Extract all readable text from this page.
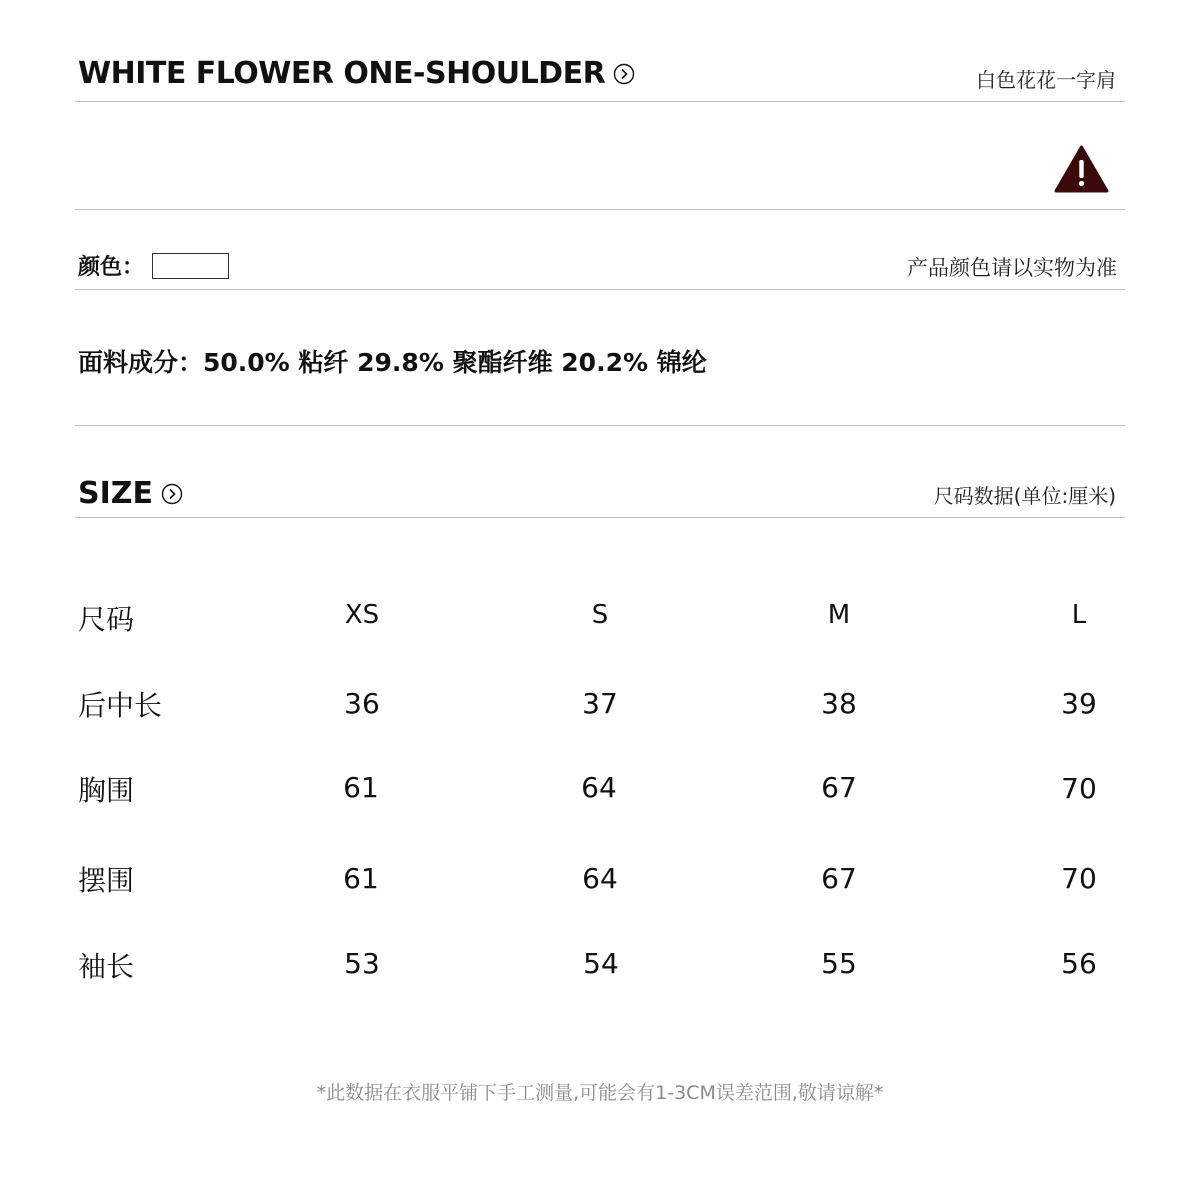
WHITE FLOWER ONE-SHOULDER	白色花花一字肩
颜色：	产品颜色请以实物为准
面料成分：50.0% 粘纤 29.8% 聚酯纤维 20.2% 锦纶
SIZE	尺码数据(单位:厘米)
尺码	XS	S	M	L
后中长	36	37	38	39
胸围	61	64	67	70
摆围	61	64	67	70
袖长	53	54	55	56
*此数据在衣服平铺下手工测量,可能会有1-3CM误差范围,敬请谅解*
